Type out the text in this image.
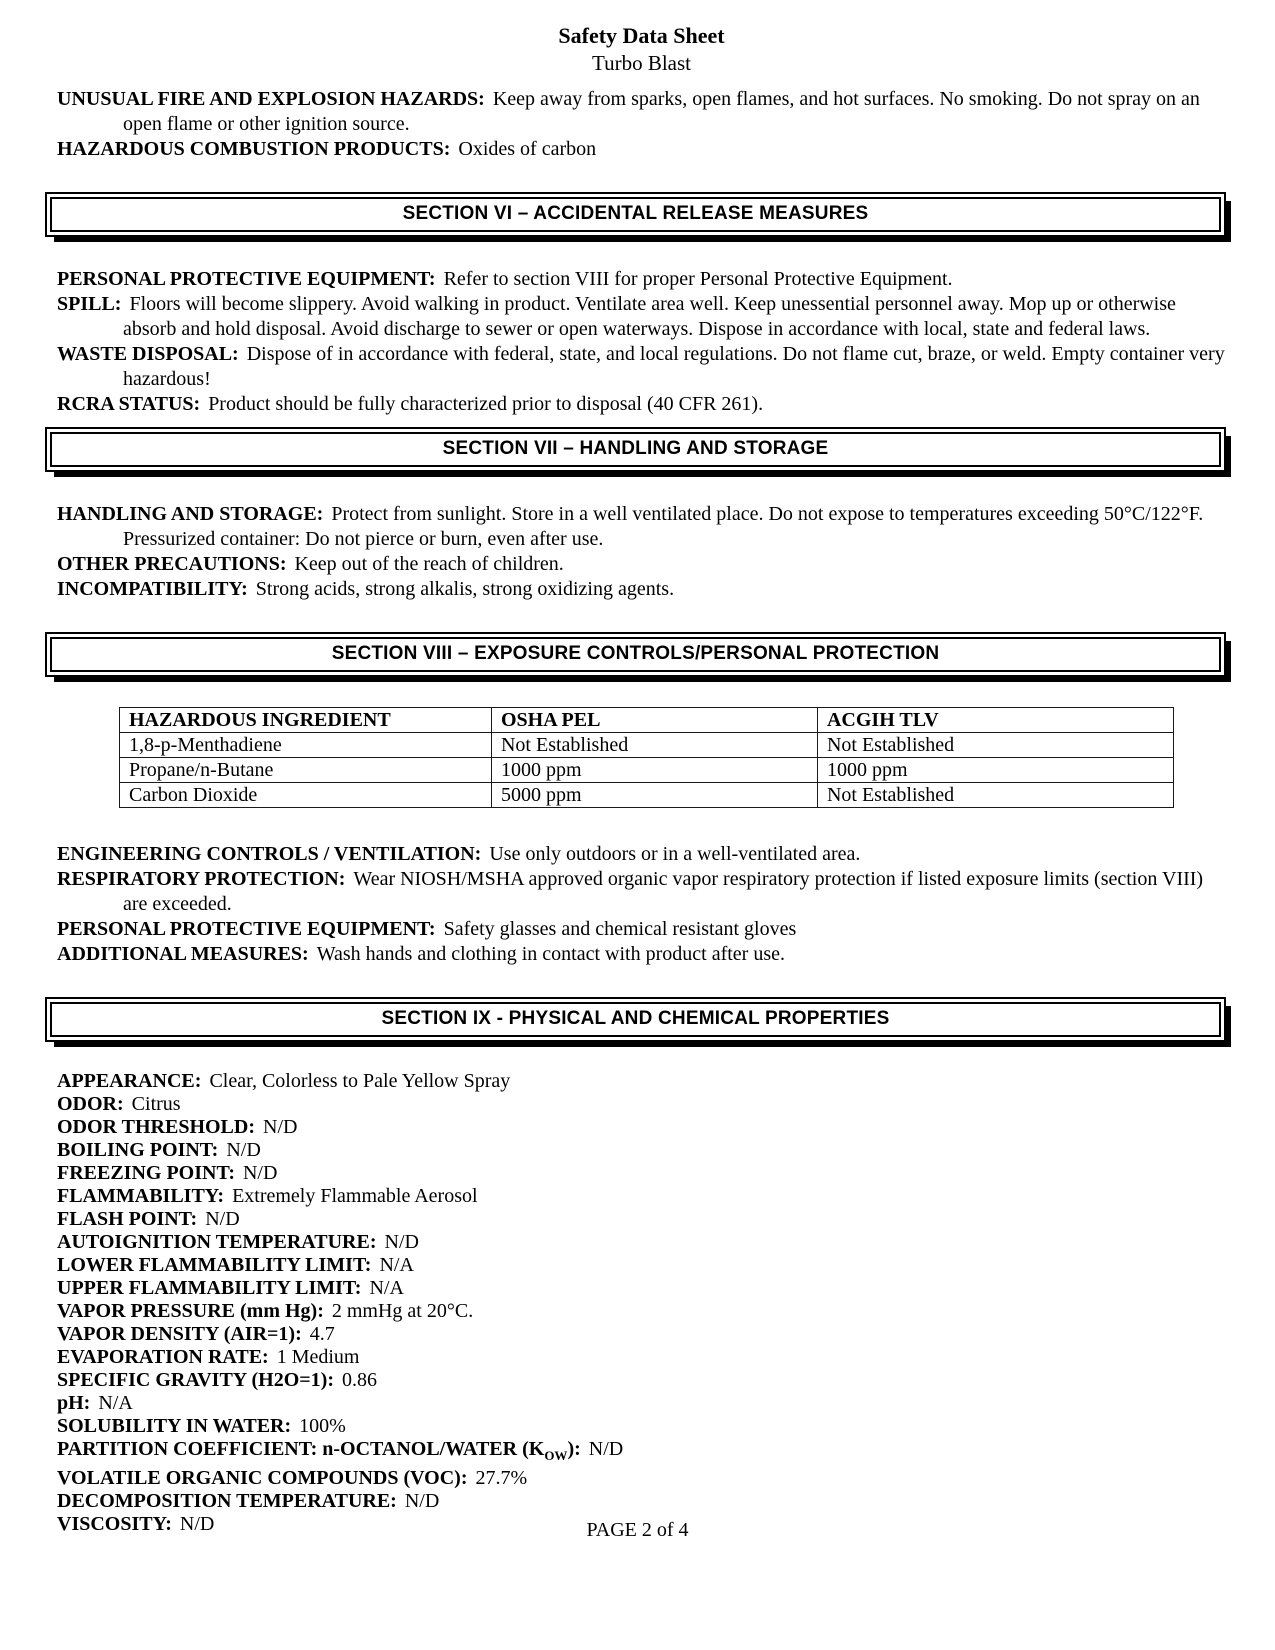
Safety Data Sheet
Turbo Blast

UNUSUAL FIRE AND EXPLOSION HAZARDS: Keep away from sparks, open flames, and hot surfaces. No smoking. Do not spray on an open flame or other ignition source.

HAZARDOUS COMBUSTION PRODUCTS: Oxides of carbon

SECTION VI – ACCIDENTAL RELEASE MEASURES

PERSONAL PROTECTIVE EQUIPMENT: Refer to section VIII for proper Personal Protective Equipment.

SPILL: Floors will become slippery. Avoid walking in product. Ventilate area well. Keep unessential personnel away. Mop up or otherwise absorb and hold disposal. Avoid discharge to sewer or open waterways. Dispose in accordance with local, state and federal laws.

WASTE DISPOSAL: Dispose of in accordance with federal, state, and local regulations. Do not flame cut, braze, or weld. Empty container very hazardous!

RCRA STATUS: Product should be fully characterized prior to disposal (40 CFR 261).

SECTION VII – HANDLING AND STORAGE

HANDLING AND STORAGE: Protect from sunlight. Store in a well ventilated place. Do not expose to temperatures exceeding 50°C/122°F. Pressurized container: Do not pierce or burn, even after use.

OTHER PRECAUTIONS: Keep out of the reach of children.

INCOMPATIBILITY: Strong acids, strong alkalis, strong oxidizing agents.

SECTION VIII – EXPOSURE CONTROLS/PERSONAL PROTECTION
HAZARDOUS INGREDIENT	OSHA PEL	ACGIH TLV
1,8-p-Menthadiene	Not Established	Not Established
Propane/n-Butane	1000 ppm	1000 ppm
Carbon Dioxide	5000 ppm	Not Established

ENGINEERING CONTROLS / VENTILATION: Use only outdoors or in a well-ventilated area.

RESPIRATORY PROTECTION: Wear NIOSH/MSHA approved organic vapor respiratory protection if listed exposure limits (section VIII) are exceeded.

PERSONAL PROTECTIVE EQUIPMENT: Safety glasses and chemical resistant gloves

ADDITIONAL MEASURES: Wash hands and clothing in contact with product after use.

SECTION IX - PHYSICAL AND CHEMICAL PROPERTIES

APPEARANCE: Clear, Colorless to Pale Yellow Spray

ODOR: Citrus

ODOR THRESHOLD: N/D

BOILING POINT: N/D

FREEZING POINT: N/D

FLAMMABILITY: Extremely Flammable Aerosol

FLASH POINT: N/D

AUTOIGNITION TEMPERATURE: N/D

LOWER FLAMMABILITY LIMIT: N/A

UPPER FLAMMABILITY LIMIT: N/A

VAPOR PRESSURE (mm Hg): 2 mmHg at 20°C.

VAPOR DENSITY (AIR=1): 4.7

EVAPORATION RATE: 1 Medium

SPECIFIC GRAVITY (H2O=1): 0.86

pH: N/A

SOLUBILITY IN WATER: 100%

PARTITION COEFFICIENT: n-OCTANOL/WATER $(K_{OW})$: N/D

VOLATILE ORGANIC COMPOUNDS (VOC): 27.7%

DECOMPOSITION TEMPERATURE: N/D

VISCOSITY: N/D	PAGE 2 of 4
